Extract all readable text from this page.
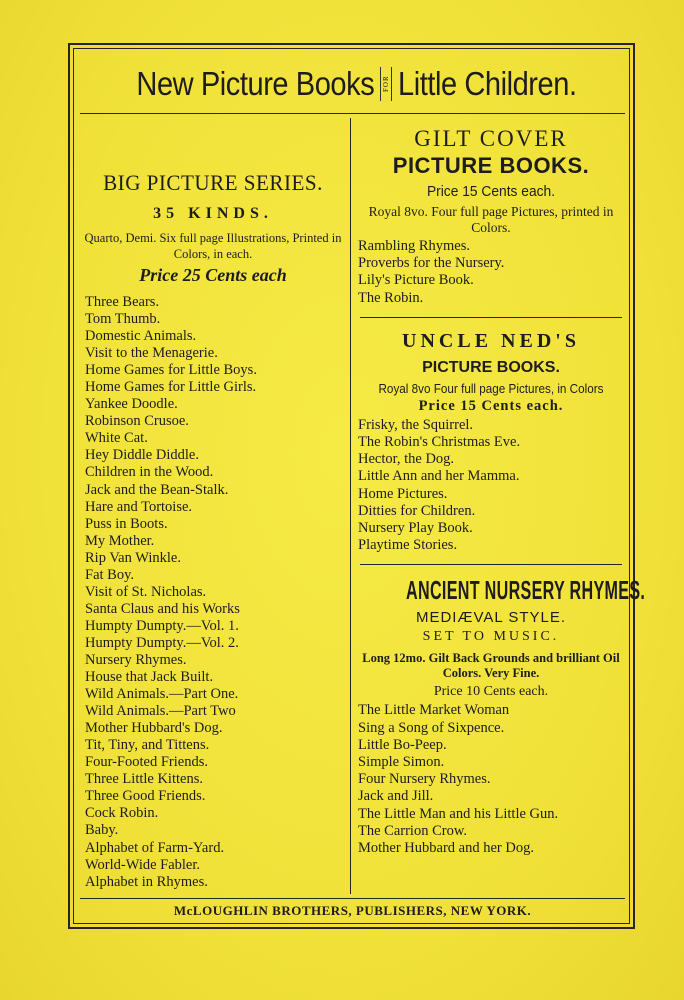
New Picture Books FOR Little Children.
BIG PICTURE SERIES.
35 KINDS.
Quarto, Demi. Six full page Illustrations, Printed in Colors, in each.
Price 25 Cents each
Three Bears.
Tom Thumb.
Domestic Animals.
Visit to the Menagerie.
Home Games for Little Boys.
Home Games for Little Girls.
Yankee Doodle.
Robinson Crusoe.
White Cat.
Hey Diddle Diddle.
Children in the Wood.
Jack and the Bean-Stalk.
Hare and Tortoise.
Puss in Boots.
My Mother.
Rip Van Winkle.
Fat Boy.
Visit of St. Nicholas.
Santa Claus and his Works
Humpty Dumpty.—Vol. 1.
Humpty Dumpty.—Vol. 2.
Nursery Rhymes.
House that Jack Built.
Wild Animals.—Part One.
Wild Animals.—Part Two
Mother Hubbard's Dog.
Tit, Tiny, and Tittens.
Four-Footed Friends.
Three Little Kittens.
Three Good Friends.
Cock Robin.
Baby.
Alphabet of Farm-Yard.
World-Wide Fabler.
Alphabet in Rhymes.
GILT COVER
PICTURE BOOKS.
Price 15 Cents each.
Royal 8vo. Four full page Pictures, printed in Colors.
Rambling Rhymes.
Proverbs for the Nursery.
Lily's Picture Book.
The Robin.
UNCLE NED'S
PICTURE BOOKS.
Royal 8vo Four full page Pictures, in Colors
Price 15 Cents each.
Frisky, the Squirrel.
The Robin's Christmas Eve.
Hector, the Dog.
Little Ann and her Mamma.
Home Pictures.
Ditties for Children.
Nursery Play Book.
Playtime Stories.
ANCIENT NURSERY RHYMES.
MEDIÆVAL STYLE.
SET TO MUSIC.
Long 12mo. Gilt Back Grounds and brilliant Oil Colors. Very Fine.
Price 10 Cents each.
The Little Market Woman
Sing a Song of Sixpence.
Little Bo-Peep.
Simple Simon.
Four Nursery Rhymes.
Jack and Jill.
The Little Man and his Little Gun.
The Carrion Crow.
Mother Hubbard and her Dog.
McLOUGHLIN BROTHERS, PUBLISHERS, NEW YORK.
